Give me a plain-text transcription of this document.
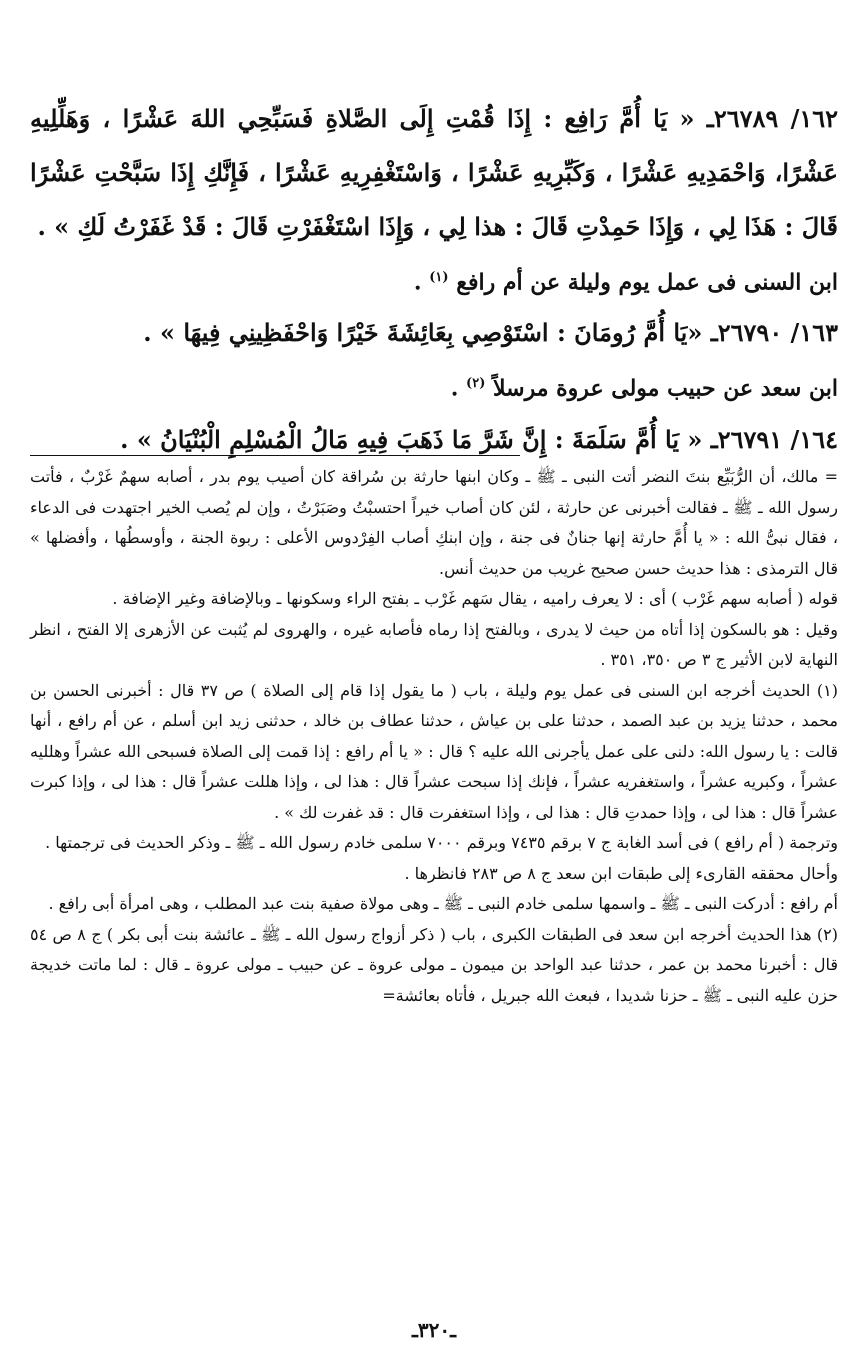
١٦٢/ ٢٦٧٨٩ـ « يَا أُمَّ رَافِع : إِذَا قُمْتِ إِلَى الصَّلاةِ فَسَبِّحِي اللهَ عَشْرًا ، وَهَلِّلِيهِ عَشْرًا، وَاحْمَدِيهِ عَشْرًا ، وَكَبِّرِيهِ عَشْرًا ، وَاسْتَغْفِرِيهِ عَشْرًا ، فَإِنَّكِ إِذَا سَبَّحْتِ عَشْرًا قَالَ : هَذَا لِي ، وَإِذَا حَمِدْتِ قَالَ : هذا لِي ، وَإِذَا اسْتَغْفَرْتِ قَالَ : قَدْ غَفَرْتُ لَكِ » .

ابن السنى فى عمل يوم وليلة عن أم رافع $^{(١)}$ .

١٦٣/ ٢٦٧٩٠ـ «يَا أُمَّ رُومَانَ : اسْتَوْصِي بِعَائِشَةَ خَيْرًا وَاحْفَظِينِي فِيهَا » .

ابن سعد عن حبيب مولى عروة مرسلاً $^{(٢)}$ .

١٦٤/ ٢٦٧٩١ـ « يَا أُمَّ سَلَمَةَ : إِنَّ شَرَّ مَا ذَهَبَ فِيهِ مَالُ الْمُسْلِمِ الْبُنْيَانُ » .

= مالك، أن الرُّبَيِّع بنتَ النضر أتت النبى ـ ﷺ ـ وكان ابنها حارثة بن سُراقة كان أصيب يوم بدر ، أصابه سهمٌ غَرْبٌ ، فأتت رسول الله ـ ﷺ ـ فقالت أخبرنى عن حارثة ، لئن كان أصاب خيراً احتسبْتُ وصَبَرْتُ ، وإن لم يُصب الخير اجتهدت فى الدعاء ، فقال نبىُّ الله : « يا أُمَّ حارثة إنها جنانٌ فى جنة ، وإن ابنكِ أصاب الفِرْدوس الأعلى : ربوة الجنة ، وأوسطُها ، وأفضلها » قال الترمذى : هذا حديث حسن صحيح غريب من حديث أنس.

قوله ( أصابه سهم غَرْب ) أى : لا يعرف راميه ، يقال سَهم غَرْب ـ بفتح الراء وسكونها ـ وبالإضافة وغير الإضافة .

وقيل : هو بالسكون إذا أتاه من حيث لا يدرى ، وبالفتح إذا رماه فأصابه غيره ، والهروى لم يُثبت عن الأزهرى إلا الفتح ، انظر النهاية لابن الأثير ج ٣ ص ٣٥٠، ٣٥١ .

(١) الحديث أخرجه ابن السنى فى عمل يوم وليلة ، باب ( ما يقول إذا قام إلى الصلاة ) ص ٣٧ قال : أخبرنى الحسن بن محمد ، حدثنا يزيد بن عبد الصمد ، حدثنا على بن عياش ، حدثنا عطاف بن خالد ، حدثنى زيد ابن أسلم ، عن أم رافع ، أنها قالت : يا رسول الله: دلنى على عمل يأجرنى الله عليه ؟ قال : « يا أم رافع : إذا قمت إلى الصلاة فسبحى الله عشراً وهلليه عشراً ، وكبريه عشراً ، واستغفريه عشراً ، فإنك إذا سبحت عشراً قال : هذا لى ، وإذا هللت عشراً قال : هذا لى ، وإذا كبرت عشراً قال : هذا لى ، وإذا حمدتِ قال : هذا لى ، وإذا استغفرت قال : قد غفرت لك » .

وترجمة ( أم رافع ) فى أسد الغابة ج ٧ برقم ٧٤٣٥ وبرقم ٧٠٠٠ سلمى خادم رسول الله ـ ﷺ ـ وذكر الحديث فى ترجمتها .

وأحال محققه القارىء إلى طبقات ابن سعد ج ٨ ص ٢٨٣ فانظرها .

أم رافع : أدركت النبى ـ ﷺ ـ واسمها سلمى خادم النبى ـ ﷺ ـ وهى مولاة صفية بنت عبد المطلب ، وهى امرأة أبى رافع .

(٢) هذا الحديث أخرجه ابن سعد فى الطبقات الكبرى ، باب ( ذكر أزواج رسول الله ـ ﷺ ـ عائشة بنت أبى بكر ) ج ٨ ص ٥٤ قال : أخبرنا محمد بن عمر ، حدثنا عبد الواحد بن ميمون ـ مولى عروة ـ عن حبيب ـ مولى عروة ـ قال : لما ماتت خديجة حزن عليه النبى ـ ﷺ ـ حزنا شديدا ، فبعث الله جبريل ، فأتاه بعائشة=

ـ٣٢٠ـ
